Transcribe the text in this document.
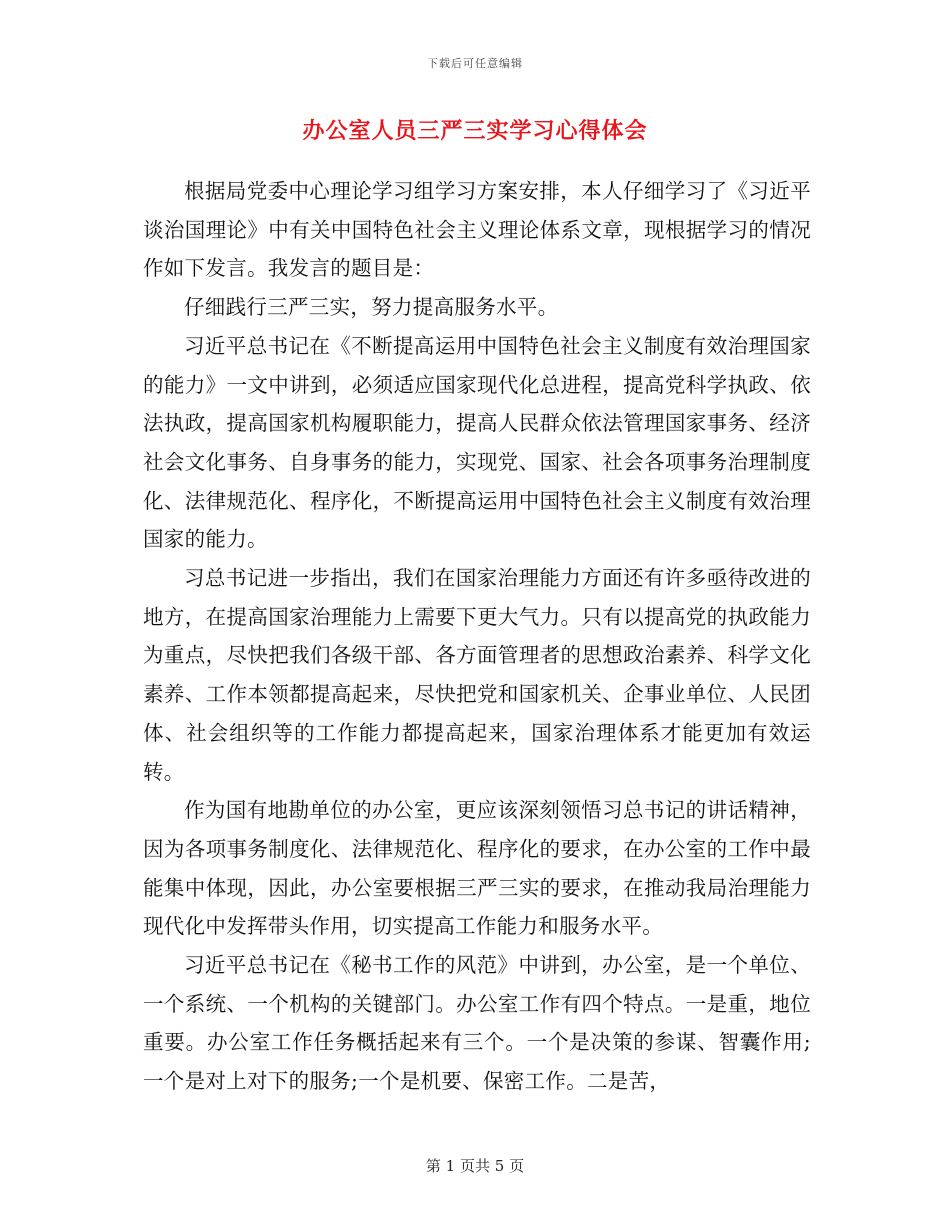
下载后可任意编辑
办公室人员三严三实学习心得体会

根据局党委中心理论学习组学习方案安排，本人仔细学习了《习近平谈治国理论》中有关中国特色社会主义理论体系文章，现根据学习的情况作如下发言。我发言的题目是：

仔细践行三严三实，努力提高服务水平。

习近平总书记在《不断提高运用中国特色社会主义制度有效治理国家的能力》一文中讲到，必须适应国家现代化总进程，提高党科学执政、依法执政，提高国家机构履职能力，提高人民群众依法管理国家事务、经济社会文化事务、自身事务的能力，实现党、国家、社会各项事务治理制度化、法律规范化、程序化，不断提高运用中国特色社会主义制度有效治理国家的能力。

习总书记进一步指出，我们在国家治理能力方面还有许多亟待改进的地方，在提高国家治理能力上需要下更大气力。只有以提高党的执政能力为重点，尽快把我们各级干部、各方面管理者的思想政治素养、科学文化素养、工作本领都提高起来，尽快把党和国家机关、企事业单位、人民团体、社会组织等的工作能力都提高起来，国家治理体系才能更加有效运转。

作为国有地勘单位的办公室，更应该深刻领悟习总书记的讲话精神，因为各项事务制度化、法律规范化、程序化的要求，在办公室的工作中最能集中体现，因此，办公室要根据三严三实的要求，在推动我局治理能力现代化中发挥带头作用，切实提高工作能力和服务水平。

习近平总书记在《秘书工作的风范》中讲到，办公室，是一个单位、一个系统、一个机构的关键部门。办公室工作有四个特点。一是重，地位重要。办公室工作任务概括起来有三个。一个是决策的参谋、智囊作用;一个是对上对下的服务;一个是机要、保密工作。二是苦，

第 1 页共 5 页
